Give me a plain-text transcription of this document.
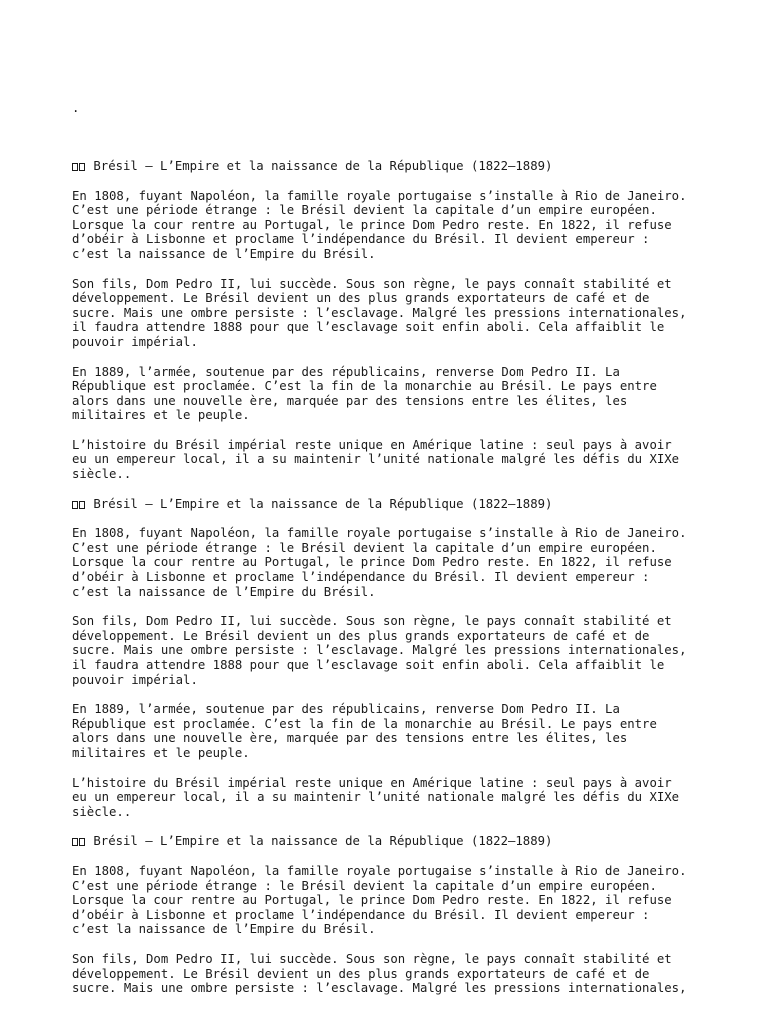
.

Brésil – L’Empire et la naissance de la République (1822–1889)
En 1808, fuyant Napoléon, la famille royale portugaise s’installe à Rio de Janeiro.
C’est une période étrange : le Brésil devient la capitale d’un empire européen.
Lorsque la cour rentre au Portugal, le prince Dom Pedro reste. En 1822, il refuse
d’obéir à Lisbonne et proclame l’indépendance du Brésil. Il devient empereur :
c’est la naissance de l’Empire du Brésil.
Son fils, Dom Pedro II, lui succède. Sous son règne, le pays connaît stabilité et
développement. Le Brésil devient un des plus grands exportateurs de café et de
sucre. Mais une ombre persiste : l’esclavage. Malgré les pressions internationales,
il faudra attendre 1888 pour que l’esclavage soit enfin aboli. Cela affaiblit le
pouvoir impérial.
En 1889, l’armée, soutenue par des républicains, renverse Dom Pedro II. La
République est proclamée. C’est la fin de la monarchie au Brésil. Le pays entre
alors dans une nouvelle ère, marquée par des tensions entre les élites, les
militaires et le peuple.
L’histoire du Brésil impérial reste unique en Amérique latine : seul pays à avoir
eu un empereur local, il a su maintenir l’unité nationale malgré les défis du XIXe
siècle..
Brésil – L’Empire et la naissance de la République (1822–1889)
En 1808, fuyant Napoléon, la famille royale portugaise s’installe à Rio de Janeiro.
C’est une période étrange : le Brésil devient la capitale d’un empire européen.
Lorsque la cour rentre au Portugal, le prince Dom Pedro reste. En 1822, il refuse
d’obéir à Lisbonne et proclame l’indépendance du Brésil. Il devient empereur :
c’est la naissance de l’Empire du Brésil.
Son fils, Dom Pedro II, lui succède. Sous son règne, le pays connaît stabilité et
développement. Le Brésil devient un des plus grands exportateurs de café et de
sucre. Mais une ombre persiste : l’esclavage. Malgré les pressions internationales,
il faudra attendre 1888 pour que l’esclavage soit enfin aboli. Cela affaiblit le
pouvoir impérial.
En 1889, l’armée, soutenue par des républicains, renverse Dom Pedro II. La
République est proclamée. C’est la fin de la monarchie au Brésil. Le pays entre
alors dans une nouvelle ère, marquée par des tensions entre les élites, les
militaires et le peuple.
L’histoire du Brésil impérial reste unique en Amérique latine : seul pays à avoir
eu un empereur local, il a su maintenir l’unité nationale malgré les défis du XIXe
siècle..
Brésil – L’Empire et la naissance de la République (1822–1889)
En 1808, fuyant Napoléon, la famille royale portugaise s’installe à Rio de Janeiro.
C’est une période étrange : le Brésil devient la capitale d’un empire européen.
Lorsque la cour rentre au Portugal, le prince Dom Pedro reste. En 1822, il refuse
d’obéir à Lisbonne et proclame l’indépendance du Brésil. Il devient empereur :
c’est la naissance de l’Empire du Brésil.
Son fils, Dom Pedro II, lui succède. Sous son règne, le pays connaît stabilité et
développement. Le Brésil devient un des plus grands exportateurs de café et de
sucre. Mais une ombre persiste : l’esclavage. Malgré les pressions internationales,
